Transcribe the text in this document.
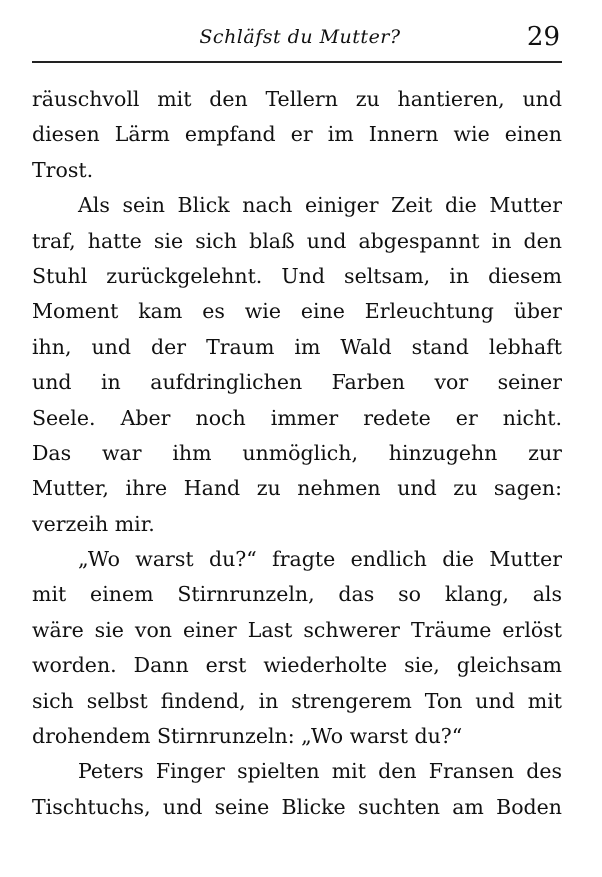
Schläfst du Mutter?	29
räuschvoll mit den Tellern zu hantieren, und
diesen Lärm empfand er im Innern wie einen
Trost.
Als sein Blick nach einiger Zeit die Mutter
traf, hatte sie sich blaß und abgespannt in den
Stuhl zurückgelehnt. Und seltsam, in diesem
Moment kam es wie eine Erleuchtung über
ihn, und der Traum im Wald stand lebhaft
und in aufdringlichen Farben vor seiner
Seele. Aber noch immer redete er nicht.
Das war ihm unmöglich, hinzugehn zur
Mutter, ihre Hand zu nehmen und zu sagen:
verzeih mir.
„Wo warst du?“ fragte endlich die Mutter
mit einem Stirnrunzeln, das so klang, als
wäre sie von einer Last schwerer Träume erlöst
worden. Dann erst wiederholte sie, gleichsam
sich selbst findend, in strengerem Ton und mit
drohendem Stirnrunzeln: „Wo warst du?“
Peters Finger spielten mit den Fransen des
Tischtuchs, und seine Blicke suchten am Boden
